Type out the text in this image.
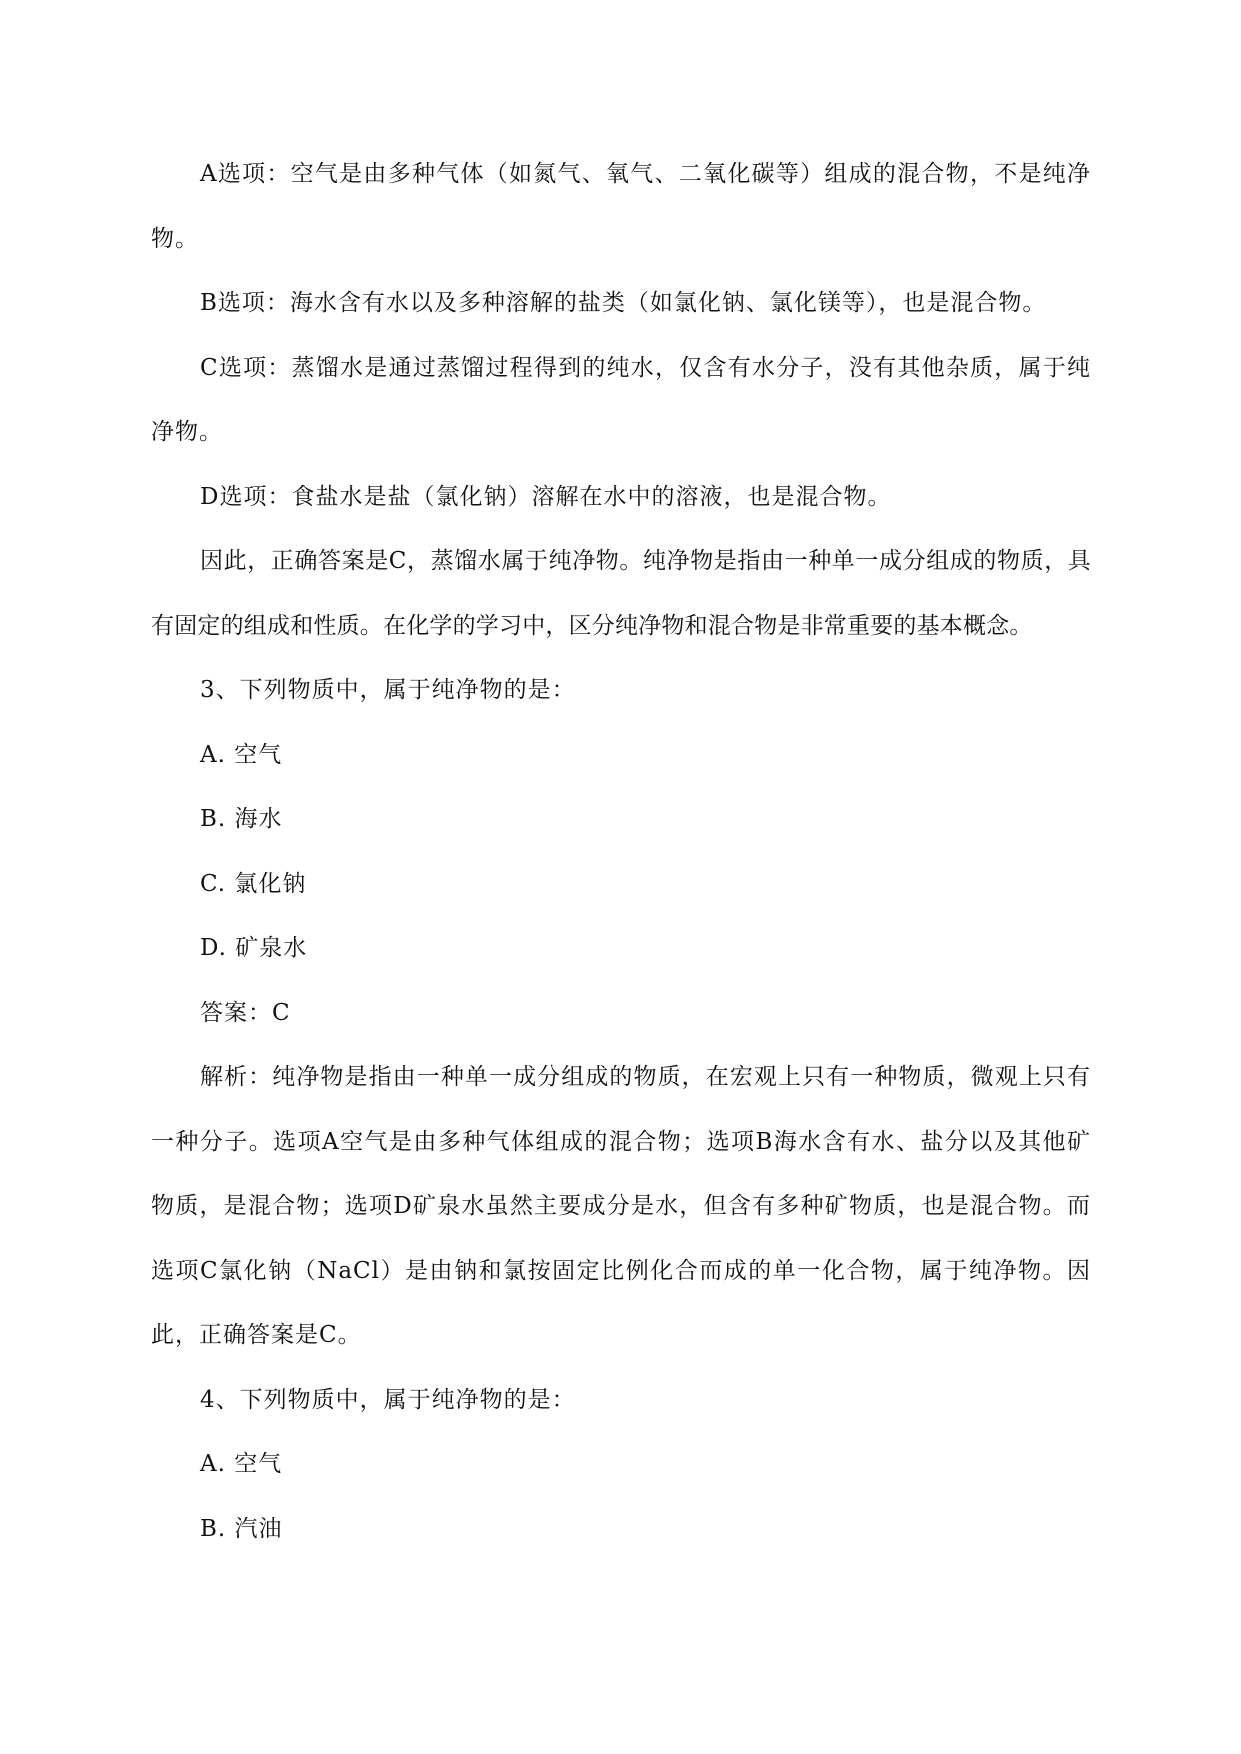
A选项：空气是由多种气体（如氮气、氧气、二氧化碳等）组成的混合物，不是纯净物。

B选项：海水含有水以及多种溶解的盐类（如氯化钠、氯化镁等），也是混合物。

C选项：蒸馏水是通过蒸馏过程得到的纯水，仅含有水分子，没有其他杂质，属于纯净物。

D选项：食盐水是盐（氯化钠）溶解在水中的溶液，也是混合物。

因此，正确答案是C，蒸馏水属于纯净物。纯净物是指由一种单一成分组成的物质，具有固定的组成和性质。在化学的学习中，区分纯净物和混合物是非常重要的基本概念。

3、下列物质中，属于纯净物的是：

A. 空气

B. 海水

C. 氯化钠

D. 矿泉水

答案：C

解析：纯净物是指由一种单一成分组成的物质，在宏观上只有一种物质，微观上只有一种分子。选项A空气是由多种气体组成的混合物；选项B海水含有水、盐分以及其他矿物质，是混合物；选项D矿泉水虽然主要成分是水，但含有多种矿物质，也是混合物。而选项C氯化钠（NaCl）是由钠和氯按固定比例化合而成的单一化合物，属于纯净物。因此，正确答案是C。

4、下列物质中，属于纯净物的是：

A. 空气

B. 汽油
